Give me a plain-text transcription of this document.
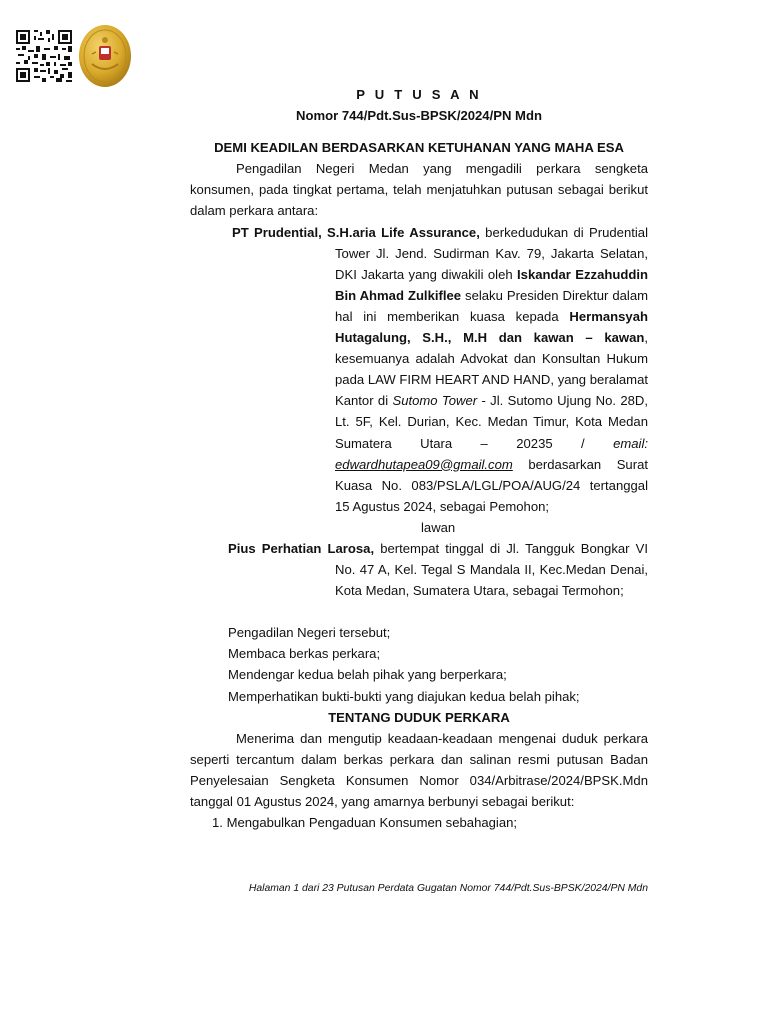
P U T U S A N
Nomor 744/Pdt.Sus-BPSK/2024/PN Mdn
DEMI KEADILAN BERDASARKAN KETUHANAN YANG MAHA ESA
Pengadilan Negeri Medan yang mengadili perkara sengketa konsumen, pada tingkat pertama, telah menjatuhkan putusan sebagai berikut dalam perkara antara:
PT Prudential, S.H.aria Life Assurance, berkedudukan di Prudential Tower Jl. Jend. Sudirman Kav. 79, Jakarta Selatan, DKI Jakarta yang diwakili oleh Iskandar Ezzahuddin Bin Ahmad Zulkiflee selaku Presiden Direktur dalam hal ini memberikan kuasa kepada Hermansyah Hutagalung, S.H., M.H dan kawan – kawan, kesemuanya adalah Advokat dan Konsultan Hukum pada LAW FIRM HEART AND HAND, yang beralamat Kantor di Sutomo Tower - Jl. Sutomo Ujung No. 28D, Lt. 5F, Kel. Durian, Kec. Medan Timur, Kota Medan Sumatera Utara – 20235 / email: edwardhutapea09@gmail.com berdasarkan Surat Kuasa No. 083/PSLA/LGL/POA/AUG/24 tertanggal 15 Agustus 2024, sebagai Pemohon;
lawan
Pius Perhatian Larosa, bertempat tinggal di Jl. Tangguk Bongkar VI No. 47 A, Kel. Tegal S Mandala II, Kec.Medan Denai, Kota Medan, Sumatera Utara, sebagai Termohon;
Pengadilan Negeri tersebut;
Membaca berkas perkara;
Mendengar kedua belah pihak yang berperkara;
Memperhatikan bukti-bukti yang diajukan kedua belah pihak;
TENTANG DUDUK PERKARA
Menerima dan mengutip keadaan-keadaan mengenai duduk perkara seperti tercantum dalam berkas perkara dan salinan resmi putusan Badan Penyelesaian Sengketa Konsumen Nomor 034/Arbitrase/2024/BPSK.Mdn tanggal 01 Agustus 2024, yang amarnya berbunyi sebagai berikut:
1. Mengabulkan Pengaduan Konsumen sebahagian;
Halaman 1 dari 23 Putusan Perdata Gugatan Nomor 744/Pdt.Sus-BPSK/2024/PN Mdn
